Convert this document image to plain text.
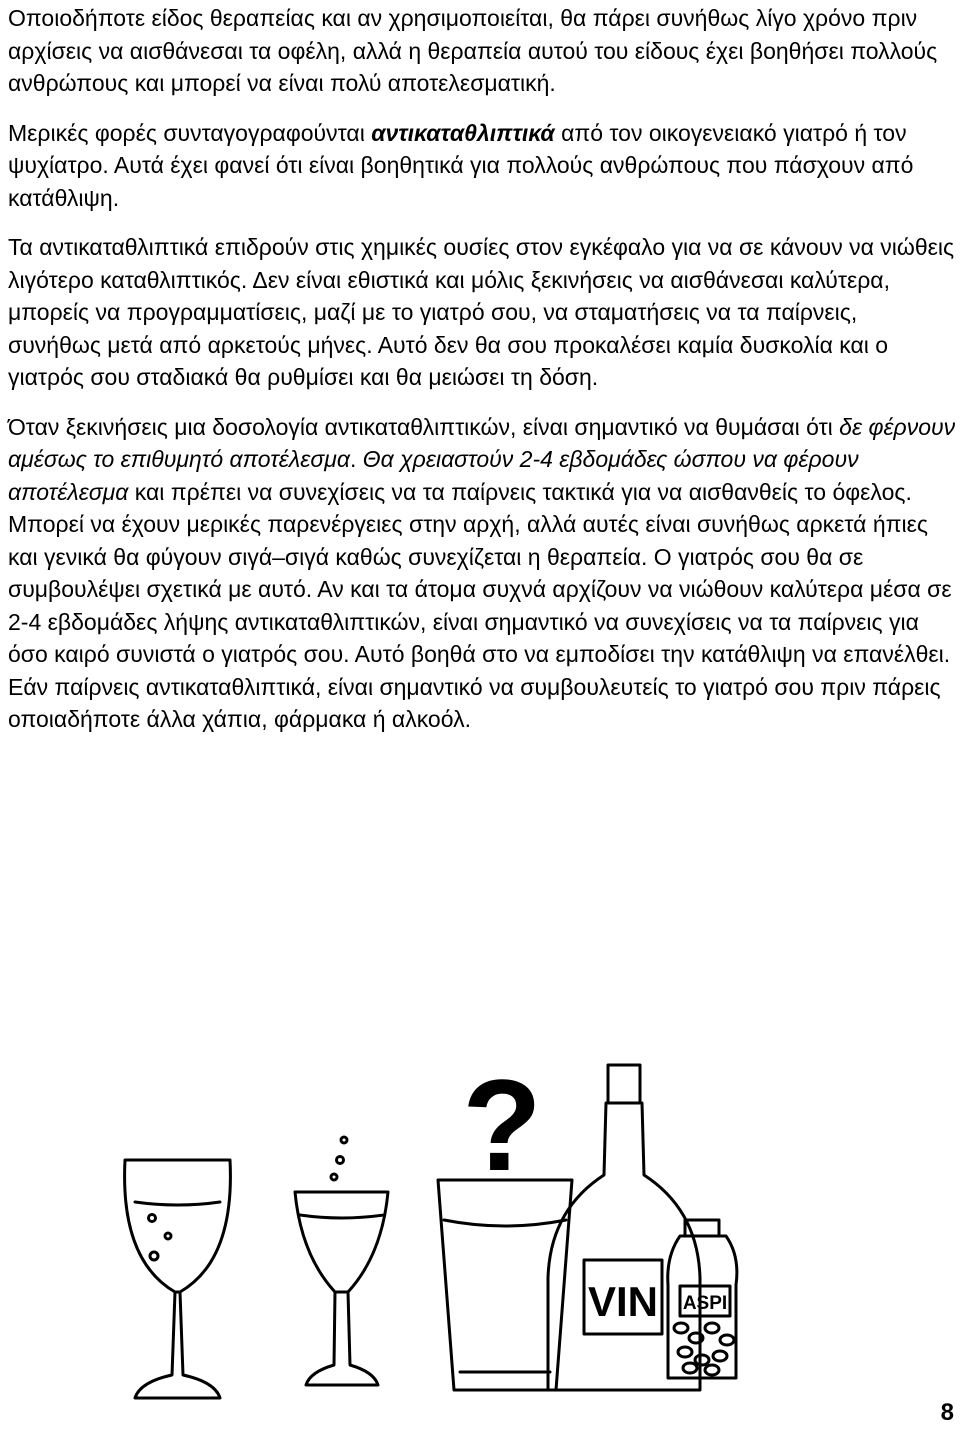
Οποιοδήποτε είδος θεραπείας και αν χρησιμοποιείται, θα πάρει συνήθως λίγο χρόνο πριν αρχίσεις να αισθάνεσαι τα οφέλη, αλλά η θεραπεία αυτού του είδους έχει βοηθήσει πολλούς ανθρώπους και μπορεί να είναι πολύ αποτελεσματική.

Μερικές φορές συνταγογραφούνται αντικαταθλιπτικά από τον οικογενειακό γιατρό ή τον ψυχίατρο. Αυτά έχει φανεί ότι είναι βοηθητικά για πολλούς ανθρώπους που πάσχουν από κατάθλιψη.

Τα αντικαταθλιπτικά επιδρούν στις χημικές ουσίες στον εγκέφαλο για να σε κάνουν να νιώθεις λιγότερο καταθλιπτικός. Δεν είναι εθιστικά και μόλις ξεκινήσεις να αισθάνεσαι καλύτερα, μπορείς να προγραμματίσεις, μαζί με το γιατρό σου, να σταματήσεις να τα παίρνεις, συνήθως μετά από αρκετούς μήνες. Αυτό δεν θα σου προκαλέσει καμία δυσκολία και ο γιατρός σου σταδιακά θα ρυθμίσει και θα μειώσει τη δόση.

Όταν ξεκινήσεις μια δοσολογία αντικαταθλιπτικών, είναι σημαντικό να θυμάσαι ότι δε φέρνουν αμέσως το επιθυμητό αποτέλεσμα. Θα χρειαστούν 2-4 εβδομάδες ώσπου να φέρουν αποτέλεσμα και πρέπει να συνεχίσεις να τα παίρνεις τακτικά για να αισθανθείς το όφελος. Μπορεί να έχουν μερικές παρενέργειες στην αρχή, αλλά αυτές είναι συνήθως αρκετά ήπιες και γενικά θα φύγουν σιγά–σιγά καθώς συνεχίζεται η θεραπεία. Ο γιατρός σου θα σε συμβουλέψει σχετικά με αυτό. Αν και τα άτομα συχνά αρχίζουν να νιώθουν καλύτερα μέσα σε 2-4 εβδομάδες λήψης αντικαταθλιπτικών, είναι σημαντικό να συνεχίσεις να τα παίρνεις για όσο καιρό συνιστά ο γιατρός σου. Αυτό βοηθά στο να εμποδίσει την κατάθλιψη να επανέλθει. Εάν παίρνεις αντικαταθλιπτικά, είναι σημαντικό να συμβουλευτείς το γιατρό σου πριν πάρεις οποιαδήποτε άλλα χάπια, φάρμακα ή αλκοόλ.

?
VIN ASPI
8
